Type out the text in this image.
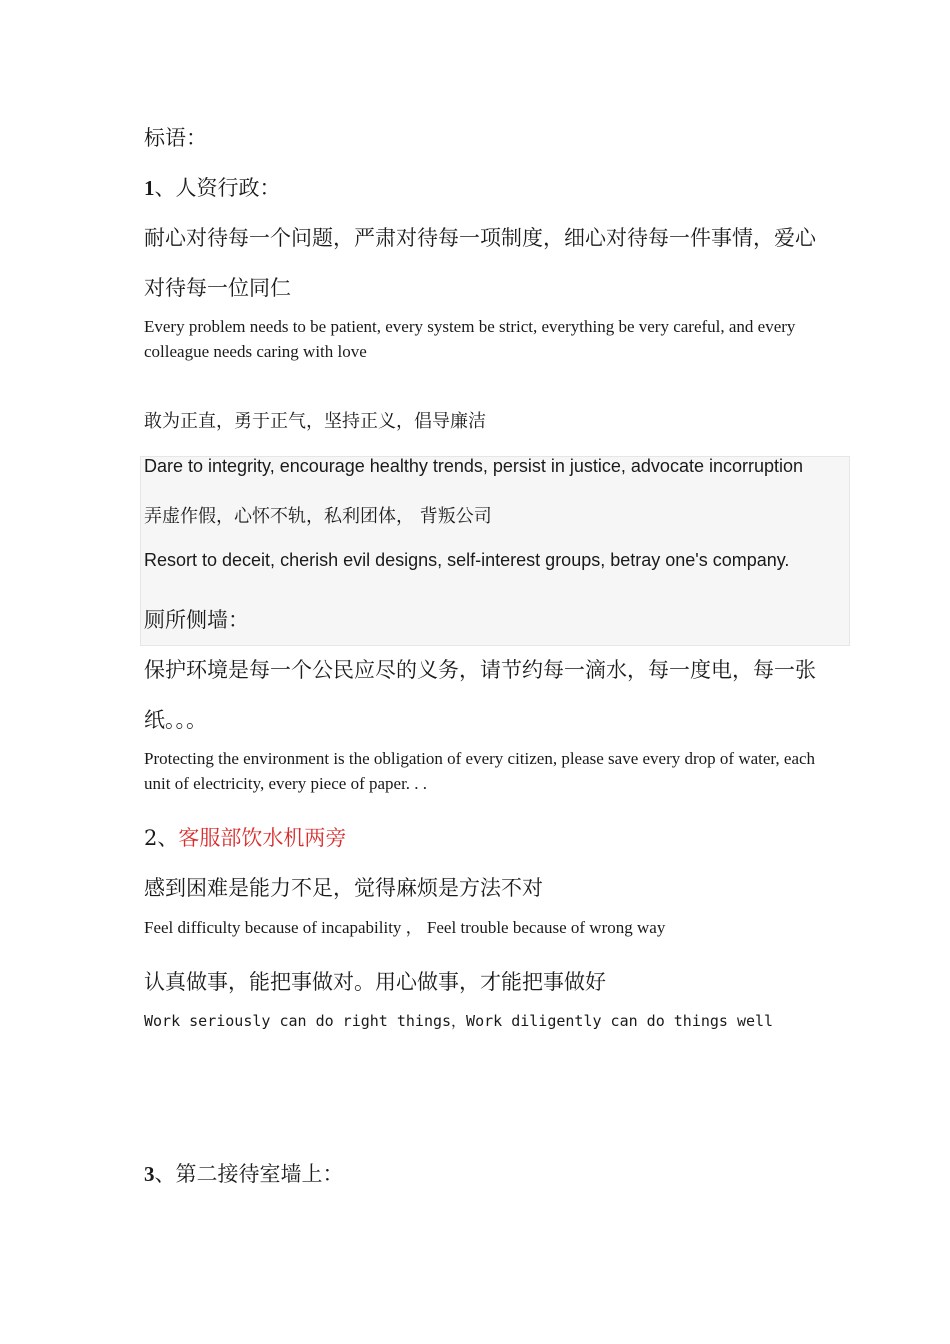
标语：

1、人资行政：

耐心对待每一个问题，严肃对待每一项制度，细心对待每一件事情，爱心

对待每一位同仁

Every problem needs to be patient, every system be strict, everything be very careful, and every colleague needs caring with love

敢为正直，勇于正气，坚持正义，倡导廉洁

Dare to integrity, encourage healthy trends, persist in justice, advocate incorruption

弄虚作假，心怀不轨，私利团体， 背叛公司

Resort to deceit, cherish evil designs, self-interest groups, betray one's company.

厕所侧墙：

保护环境是每一个公民应尽的义务，请节约每一滴水，每一度电，每一张

纸。。。

Protecting the environment is the obligation of every citizen, please save every drop of water, each unit of electricity, every piece of paper. . .

2、客服部饮水机两旁

感到困难是能力不足，觉得麻烦是方法不对

Feel difficulty because of incapability ， Feel trouble because of wrong way

认真做事，能把事做对。用心做事，才能把事做好

Work seriously can do right things，Work diligently can do things well

3、第二接待室墙上：
